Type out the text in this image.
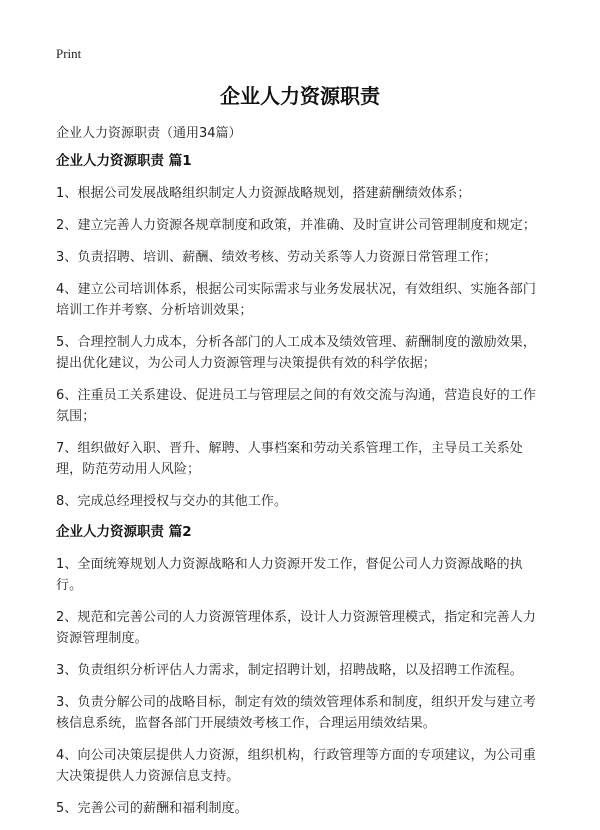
Print
企业人力资源职责
企业人力资源职责（通用34篇）
企业人力资源职责 篇1
1、根据公司发展战略组织制定人力资源战略规划，搭建薪酬绩效体系；
2、建立完善人力资源各规章制度和政策，并准确、及时宣讲公司管理制度和规定；
3、负责招聘、培训、薪酬、绩效考核、劳动关系等人力资源日常管理工作；
4、建立公司培训体系，根据公司实际需求与业务发展状况，有效组织、实施各部门培训工作并考察、分析培训效果；
5、合理控制人力成本，分析各部门的人工成本及绩效管理、薪酬制度的激励效果，提出优化建议，为公司人力资源管理与决策提供有效的科学依据；
6、注重员工关系建设、促进员工与管理层之间的有效交流与沟通，营造良好的工作氛围；
7、组织做好入职、晋升、解聘、人事档案和劳动关系管理工作，主导员工关系处理，防范劳动用人风险；
8、完成总经理授权与交办的其他工作。
企业人力资源职责 篇2
1、全面统筹规划人力资源战略和人力资源开发工作，督促公司人力资源战略的执行。
2、规范和完善公司的人力资源管理体系，设计人力资源管理模式，指定和完善人力资源管理制度。
3、负责组织分析评估人力需求，制定招聘计划，招聘战略，以及招聘工作流程。
3、负责分解公司的战略目标，制定有效的绩效管理体系和制度，组织开发与建立考核信息系统，监督各部门开展绩效考核工作，合理运用绩效结果。
4、向公司决策层提供人力资源，组织机构，行政管理等方面的专项建议，为公司重大决策提供人力资源信息支持。
5、完善公司的薪酬和福利制度。
